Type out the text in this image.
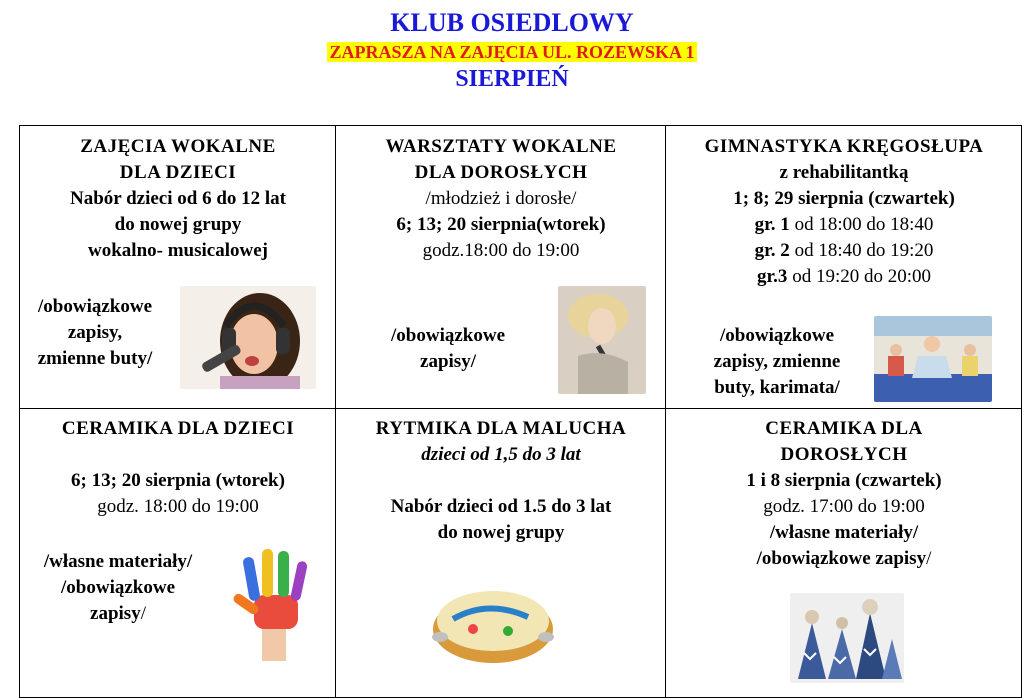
KLUB OSIEDLOWY
ZAPRASZA NA ZAJĘCIA UL. ROZEWSKA 1
SIERPIEŃ
ZAJĘCIA WOKALNE
DLA DZIECI
Nabór dzieci od 6 do 12 lat
do nowej grupy
wokalno- musicalowej
/obowiązkowe
zapisy,
zmienne buty/
WARSZTATY WOKALNE
DLA DOROSŁYCH
/młodzież i dorosłe/
6; 13; 20 sierpnia(wtorek)
godz.18:00 do 19:00
/obowiązkowe
zapisy/
GIMNASTYKA KRĘGOSŁUPA
z rehabilitantką
1; 8; 29 sierpnia (czwartek)
gr. 1 od 18:00 do 18:40
gr. 2 od 18:40 do 19:20
gr.3 od 19:20 do 20:00
/obowiązkowe
zapisy, zmienne
buty, karimata/
CERAMIKA DLA DZIECI
6; 13; 20 sierpnia (wtorek)
godz. 18:00 do 19:00
/własne materiały/
/obowiązkowe
zapisy/
RYTMIKA DLA MALUCHA
dzieci od 1,5 do 3 lat
Nabór dzieci od 1.5 do 3 lat
do nowej grupy
CERAMIKA DLA
DOROSŁYCH
1 i 8 sierpnia (czwartek)
godz. 17:00 do 19:00
/własne materiały/
/obowiązkowe zapisy/
